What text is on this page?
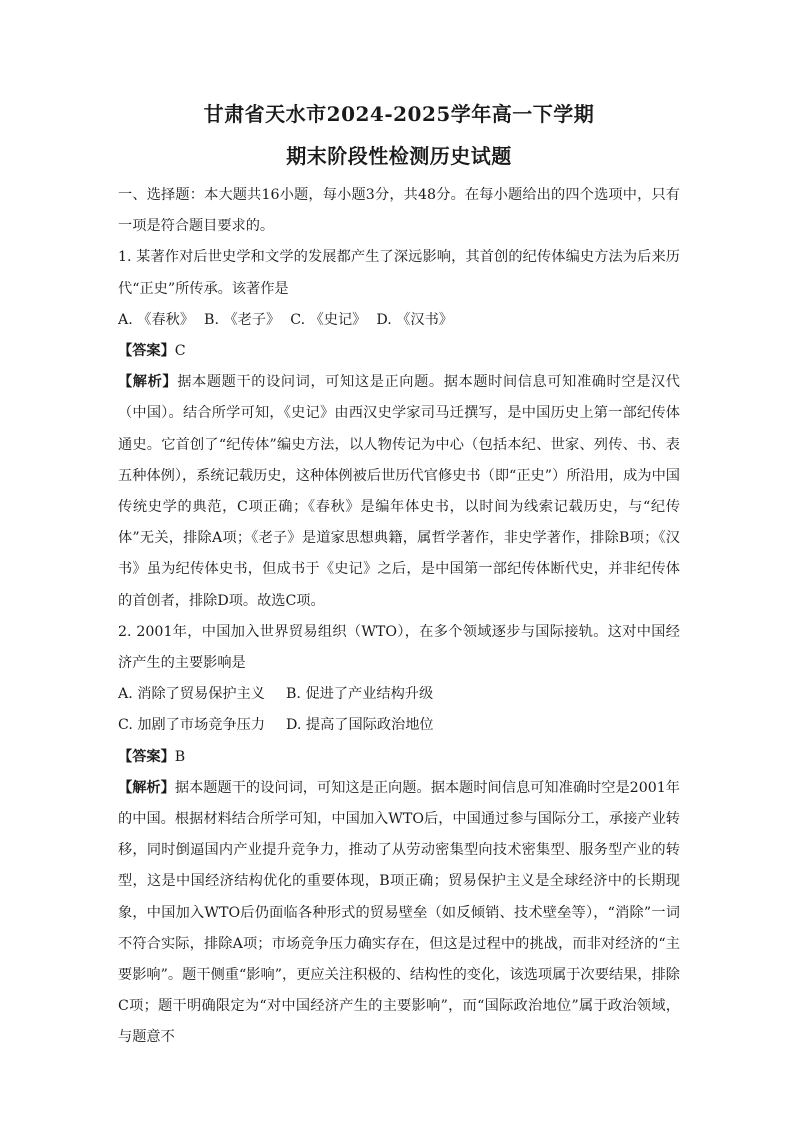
甘肃省天水市2024-2025学年高一下学期
期末阶段性检测历史试题

一、选择题：本大题共16小题，每小题3分，共48分。在每小题给出的四个选项中，只有一项是符合题目要求的。

1. 某著作对后世史学和文学的发展都产生了深远影响，其首创的纪传体编史方法为后来历代“正史”所传承。该著作是

A. 《春秋》 B. 《老子》 C. 《史记》 D. 《汉书》

【答案】C

【解析】据本题题干的设问词，可知这是正向题。据本题时间信息可知准确时空是汉代（中国）。结合所学可知，《史记》由西汉史学家司马迁撰写，是中国历史上第一部纪传体通史。它首创了“纪传体”编史方法，以人物传记为中心（包括本纪、世家、列传、书、表五种体例），系统记载历史，这种体例被后世历代官修史书（即“正史”）所沿用，成为中国传统史学的典范，C项正确；《春秋》是编年体史书，以时间为线索记载历史，与“纪传体”无关，排除A项；《老子》是道家思想典籍，属哲学著作，非史学著作，排除B项；《汉书》虽为纪传体史书，但成书于《史记》之后，是中国第一部纪传体断代史，并非纪传体的首创者，排除D项。故选C项。

2. 2001年，中国加入世界贸易组织（WTO），在多个领域逐步与国际接轨。这对中国经济产生的主要影响是

A. 消除了贸易保护主义 B. 促进了产业结构升级

C. 加剧了市场竞争压力 D. 提高了国际政治地位

【答案】B

【解析】据本题题干的设问词，可知这是正向题。据本题时间信息可知准确时空是2001年的中国。根据材料结合所学可知，中国加入WTO后，中国通过参与国际分工，承接产业转移，同时倒逼国内产业提升竞争力，推动了从劳动密集型向技术密集型、服务型产业的转型，这是中国经济结构优化的重要体现，B项正确；贸易保护主义是全球经济中的长期现象，中国加入WTO后仍面临各种形式的贸易壁垒（如反倾销、技术壁垒等），“消除”一词不符合实际，排除A项；市场竞争压力确实存在，但这是过程中的挑战，而非对经济的“主要影响”。题干侧重“影响”，更应关注积极的、结构性的变化，该选项属于次要结果，排除C项；题干明确限定为“对中国经济产生的主要影响”，而“国际政治地位”属于政治领域，与题意不
